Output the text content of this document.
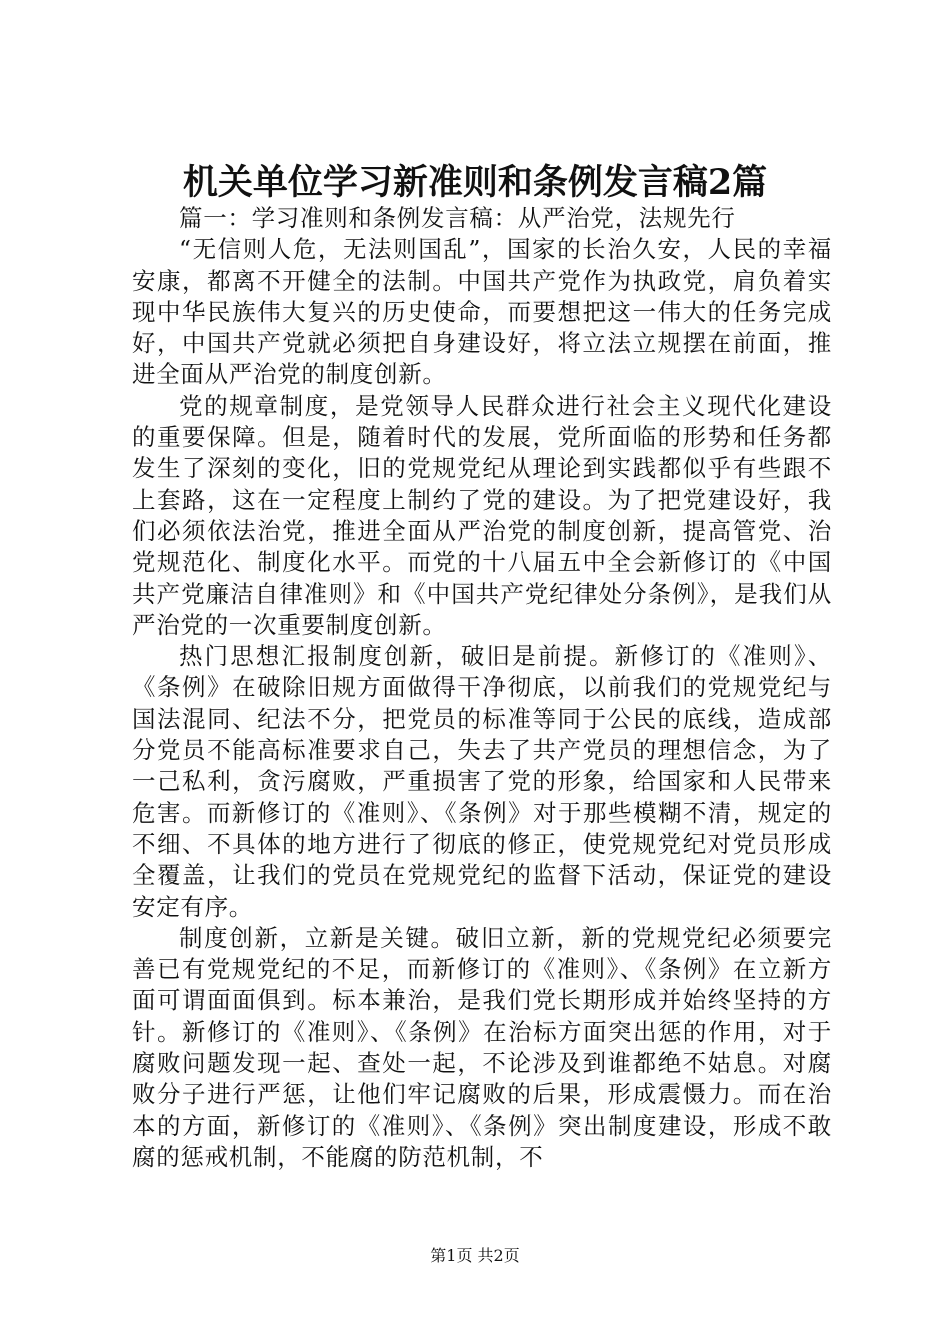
机关单位学习新准则和条例发言稿2篇

篇一：学习准则和条例发言稿：从严治党，法规先行

“无信则人危，无法则国乱”，国家的长治久安，人民的幸福安康，都离不开健全的法制。中国共产党作为执政党，肩负着实现中华民族伟大复兴的历史使命，而要想把这一伟大的任务完成好，中国共产党就必须把自身建设好，将立法立规摆在前面，推进全面从严治党的制度创新。

党的规章制度，是党领导人民群众进行社会主义现代化建设的重要保障。但是，随着时代的发展，党所面临的形势和任务都发生了深刻的变化，旧的党规党纪从理论到实践都似乎有些跟不上套路，这在一定程度上制约了党的建设。为了把党建设好，我们必须依法治党，推进全面从严治党的制度创新，提高管党、治党规范化、制度化水平。而党的十八届五中全会新修订的《中国共产党廉洁自律准则》和《中国共产党纪律处分条例》，是我们从严治党的一次重要制度创新。

热门思想汇报制度创新，破旧是前提。新修订的《准则》、《条例》在破除旧规方面做得干净彻底，以前我们的党规党纪与国法混同、纪法不分，把党员的标准等同于公民的底线，造成部分党员不能高标准要求自己，失去了共产党员的理想信念，为了一己私利，贪污腐败，严重损害了党的形象，给国家和人民带来危害。而新修订的《准则》、《条例》对于那些模糊不清，规定的不细、不具体的地方进行了彻底的修正，使党规党纪对党员形成全覆盖，让我们的党员在党规党纪的监督下活动，保证党的建设安定有序。

制度创新，立新是关键。破旧立新，新的党规党纪必须要完善已有党规党纪的不足，而新修订的《准则》、《条例》在立新方面可谓面面俱到。标本兼治，是我们党长期形成并始终坚持的方针。新修订的《准则》、《条例》在治标方面突出惩的作用，对于腐败问题发现一起、查处一起，不论涉及到谁都绝不姑息。对腐败分子进行严惩，让他们牢记腐败的后果，形成震慑力。而在治本的方面，新修订的《准则》、《条例》突出制度建设，形成不敢腐的惩戒机制，不能腐的防范机制，不

第1页 共2页
